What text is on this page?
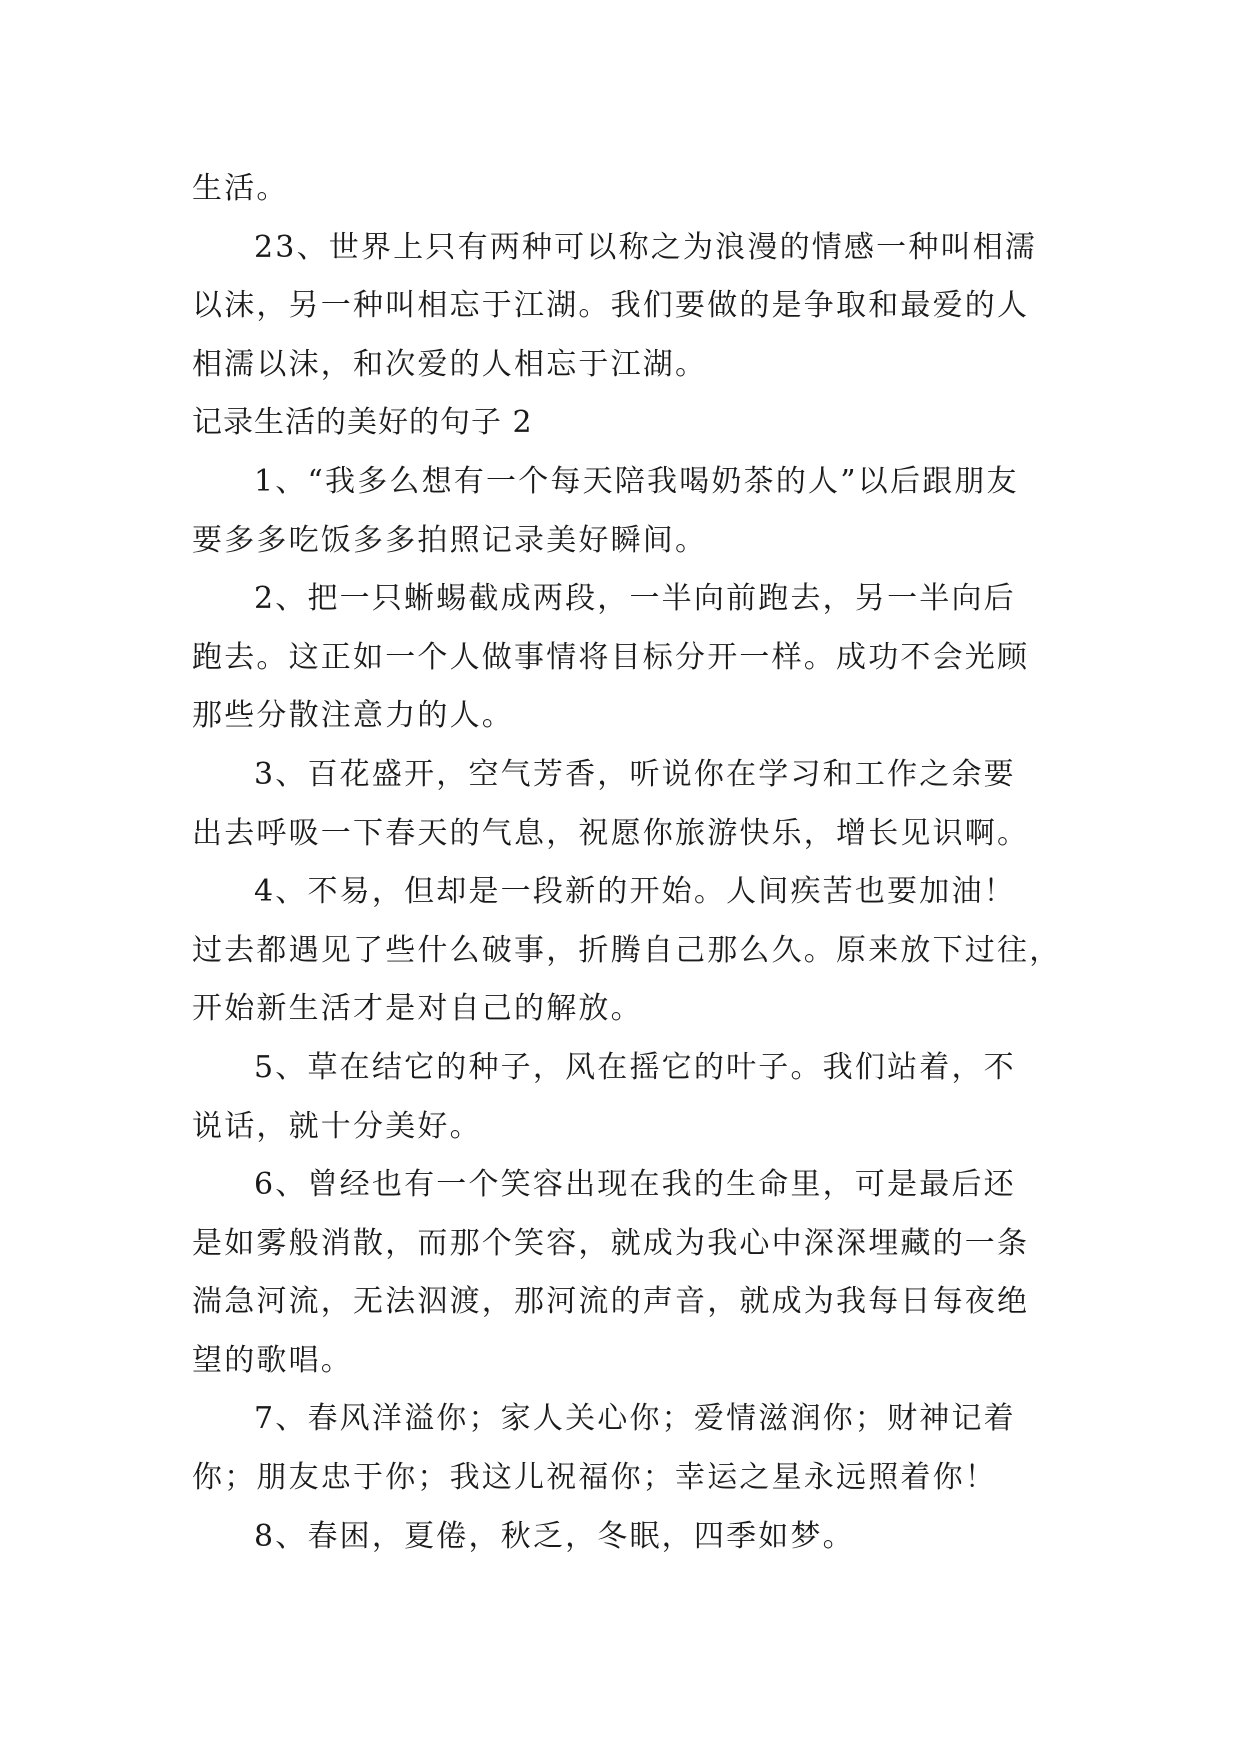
生活。
23、世界上只有两种可以称之为浪漫的情感一种叫相濡
以沫，另一种叫相忘于江湖。我们要做的是争取和最爱的人
相濡以沫，和次爱的人相忘于江湖。
记录生活的美好的句子 2
1、“我多么想有一个每天陪我喝奶茶的人”以后跟朋友
要多多吃饭多多拍照记录美好瞬间。
2、把一只蜥蜴截成两段，一半向前跑去，另一半向后
跑去。这正如一个人做事情将目标分开一样。成功不会光顾
那些分散注意力的人。
3、百花盛开，空气芳香，听说你在学习和工作之余要
出去呼吸一下春天的气息，祝愿你旅游快乐，增长见识啊。
4、不易，但却是一段新的开始。人间疾苦也要加油！
过去都遇见了些什么破事，折腾自己那么久。原来放下过往，
开始新生活才是对自己的解放。
5、草在结它的种子，风在摇它的叶子。我们站着，不
说话，就十分美好。
6、曾经也有一个笑容出现在我的生命里，可是最后还
是如雾般消散，而那个笑容，就成为我心中深深埋藏的一条
湍急河流，无法泅渡，那河流的声音，就成为我每日每夜绝
望的歌唱。
7、春风洋溢你；家人关心你；爱情滋润你；财神记着
你；朋友忠于你；我这儿祝福你；幸运之星永远照着你！
8、春困，夏倦，秋乏，冬眠，四季如梦。
